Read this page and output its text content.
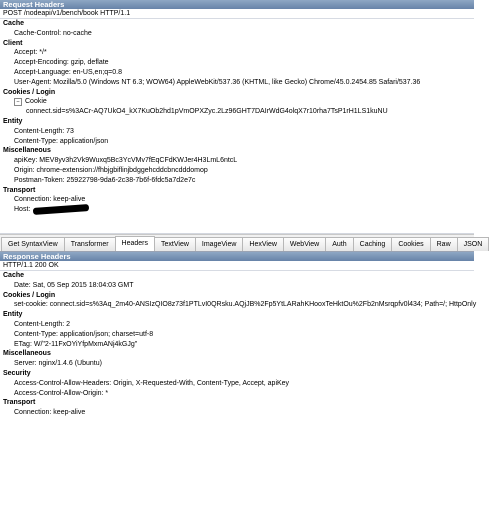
Request Headers
POST /nodeapi/v1/bench/book HTTP/1.1
Cache
Cache-Control: no-cache
Client
Accept: */*
Accept-Encoding: gzip, deflate
Accept-Language: en-US,en;q=0.8
User-Agent: Mozilla/5.0 (Windows NT 6.3; WOW64) AppleWebKit/537.36 (KHTML, like Gecko) Chrome/45.0.2454.85 Safari/537.36
Cookies / Login
– Cookie
connect.sid=s%3ACr-AQ7UkO4_kX7KuOb2hd1pVmOPXZyc.2Lz96GHT7DAIrWdG4olqX7r10rha7TsP1rH1LS1kuNU
Entity
Content-Length: 73
Content-Type: application/json
Miscellaneous
apiKey: MEV8yv3h2Vk9Wuxq5Bc3YcVMv7fEqCFdKWJer4H3LmL6ntcL
Origin: chrome-extension://fhbjgbiflinjbdggehcddcbncdddomop
Postman-Token: 25922798-9da6-2c38-7b6f-6fdc5a7d2e7c
Transport
Connection: keep-alive
Host:
Get SyntaxView	Transformer	Headers	TextView	ImageView	HexView	WebView	Auth	Caching	Cookies	Raw	JSON
Response Headers
HTTP/1.1 200 OK
Cache
Date: Sat, 05 Sep 2015 18:04:03 GMT
Cookies / Login
set-cookie: connect.sid=s%3Aq_2m40-ANSIzQIO8z73f1PTLvI0QRsku.AQjJB%2Fp5YtLARahKHooxTeHktOu%2Fb2nMsrqpfv0l434; Path=/; HttpOnly
Entity
Content-Length: 2
Content-Type: application/json; charset=utf-8
ETag: W/"2-11FxOYiYfpMxmANj4kGJg"
Miscellaneous
Server: nginx/1.4.6 (Ubuntu)
Security
Access-Control-Allow-Headers: Origin, X-Requested-With, Content-Type, Accept, apiKey
Access-Control-Allow-Origin: *
Transport
Connection: keep-alive
